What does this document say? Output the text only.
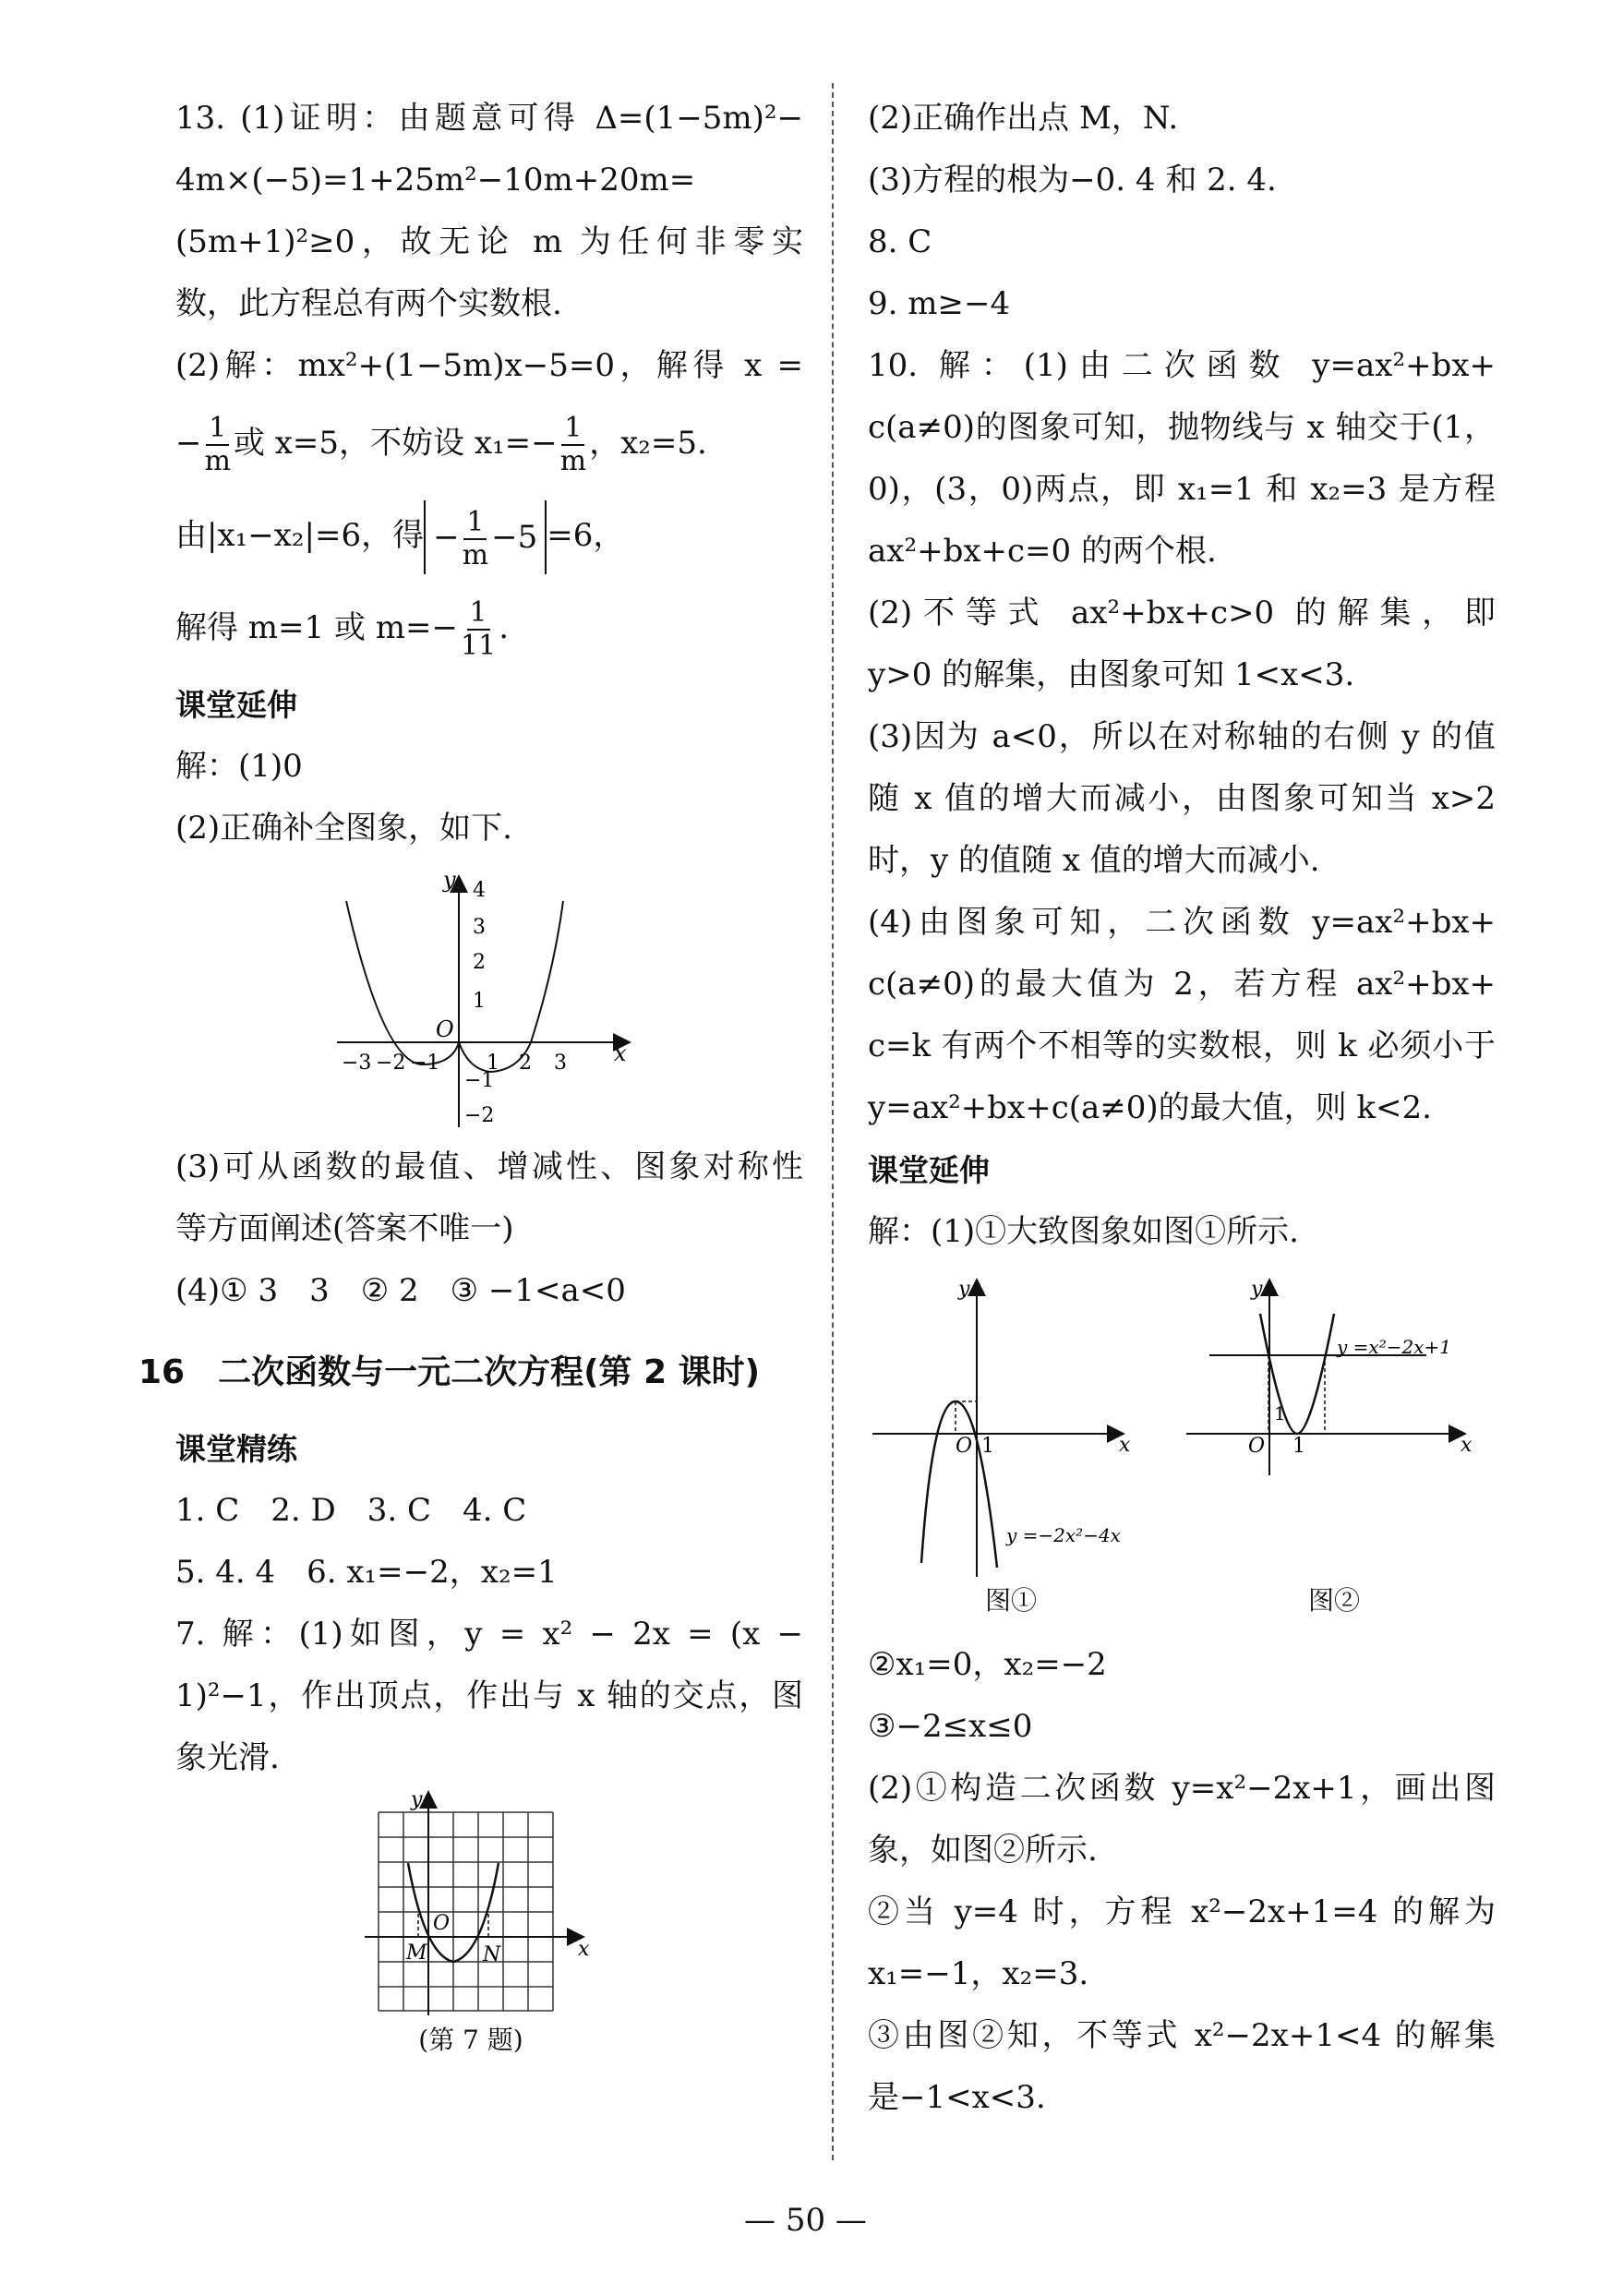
13. (1)证明：由题意可得 Δ=(1−5m)²−
4m×(−5)=1+25m²−10m+20m=
(5m+1)²≥0，故无论 m 为任何非零实
数，此方程总有两个实数根.
(2)解：mx²+(1−5m)x−5=0，解得 x =
− $\frac{1}{m}$ 或 x=5，不妨设 $x_1=- \frac{1}{m}$ ，x₂=5.
由|x₁−x₂|=6，得 − $\frac{1}{m} -5 =6$，
解得 m=1 或 $m=- \frac{1}{11}$ .
课堂延伸
解：(1)0
(2)正确补全图象，如下.
y
x
O
4
3
2
1
−1
−2
−3 −2 −1 1 2 3
(3)可从函数的最值、增减性、图象对称性
等方面阐述(答案不唯一)
(4)① 3　3　② 2　③ −1<a<0
16　二次函数与一元二次方程(第 2 课时)
课堂精练
1. C　2. D　3. C　4. C
5. 4. 4　6. x₁=−2，x₂=1
7. 解：(1)如图，y = x² − 2x = (x −
1)²−1，作出顶点，作出与 x 轴的交点，图
象光滑.
y
x
O
M	N
(第 7 题)
(2)正确作出点 M，N.
(3)方程的根为−0. 4 和 2. 4.
8. C
9. m≥−4
10. 解：(1)由二次函数 y=ax²+bx+
c(a≠0)的图象可知，抛物线与 x 轴交于(1，
0)，(3，0)两点，即 x₁=1 和 x₂=3 是方程
ax²+bx+c=0 的两个根.
(2)不等式 ax²+bx+c>0 的解集，即
y>0 的解集，由图象可知 1<x<3.
(3)因为 a<0，所以在对称轴的右侧 y 的值
随 x 值的增大而减小，由图象可知当 x>2
时，y 的值随 x 值的增大而减小.
(4)由图象可知，二次函数 y=ax²+bx+
c(a≠0)的最大值为 2，若方程 ax²+bx+
c=k 有两个不相等的实数根，则 k 必须小于
y=ax²+bx+c(a≠0)的最大值，则 k<2.
课堂延伸
解：(1)①大致图象如图①所示.
y
x
O 1
y =−2x²−4x
图①
y
x
O 1
1
y =x²−2x+1
图②
②x₁=0，x₂=−2
③−2≤x≤0
(2)①构造二次函数 y=x²−2x+1，画出图
象，如图②所示.
②当 y=4 时，方程 x²−2x+1=4 的解为
x₁=−1，x₂=3.
③由图②知，不等式 x²−2x+1<4 的解集
是−1<x<3.
— 50 —
